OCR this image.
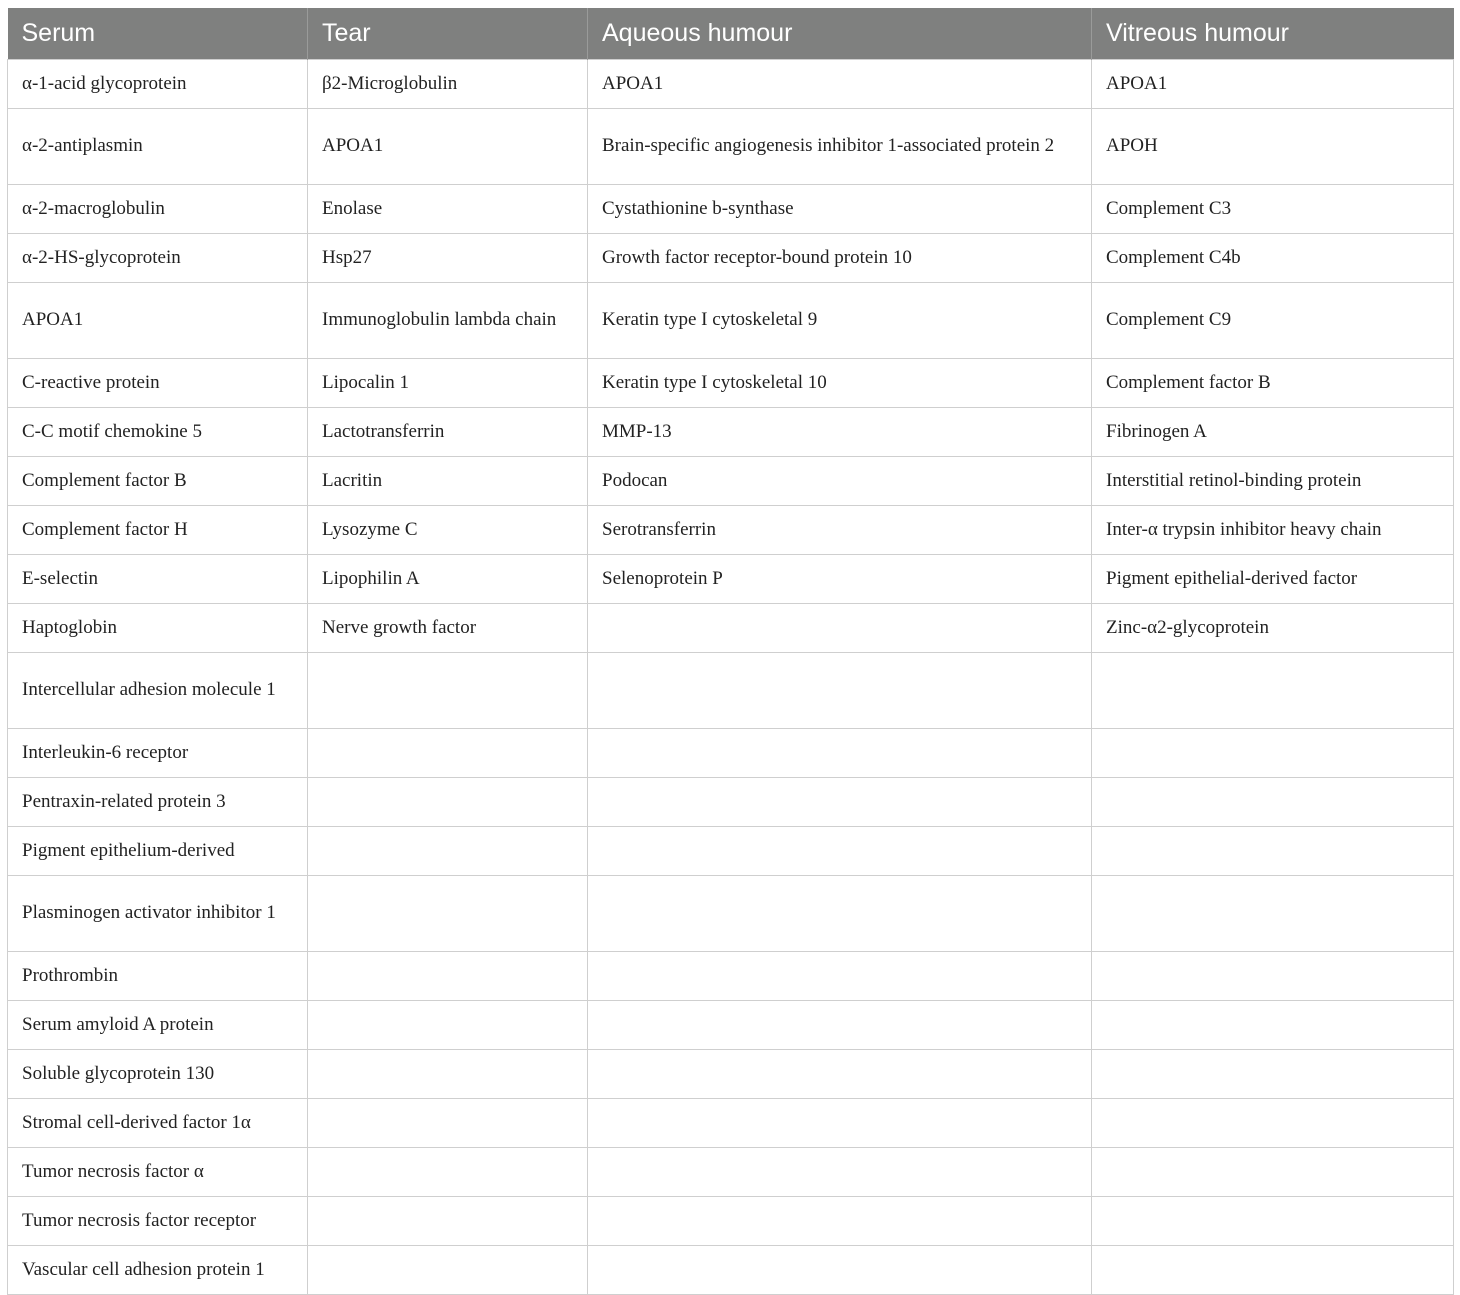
Serum	Tear	Aqueous humour	Vitreous humour
α-1-acid glycoprotein	β2-Microglobulin	APOA1	APOA1
α-2-antiplasmin	APOA1	Brain-specific angiogenesis inhibitor 1-associated protein 2	APOH
α-2-macroglobulin	Enolase	Cystathionine b-synthase	Complement C3
α-2-HS-glycoprotein	Hsp27	Growth factor receptor-bound protein 10	Complement C4b
APOA1	Immunoglobulin lambda chain	Keratin type I cytoskeletal 9	Complement C9
C-reactive protein	Lipocalin 1	Keratin type I cytoskeletal 10	Complement factor B
C-C motif chemokine 5	Lactotransferrin	MMP-13	Fibrinogen A
Complement factor B	Lacritin	Podocan	Interstitial retinol-binding protein
Complement factor H	Lysozyme C	Serotransferrin	Inter-α trypsin inhibitor heavy chain
E-selectin	Lipophilin A	Selenoprotein P	Pigment epithelial-derived factor
Haptoglobin	Nerve growth factor		Zinc-α2-glycoprotein
Intercellular adhesion molecule 1			
Interleukin-6 receptor			
Pentraxin-related protein 3			
Pigment epithelium-derived			
Plasminogen activator inhibitor 1			
Prothrombin			
Serum amyloid A protein			
Soluble glycoprotein 130			
Stromal cell-derived factor 1α			
Tumor necrosis factor α			
Tumor necrosis factor receptor			
Vascular cell adhesion protein 1			
